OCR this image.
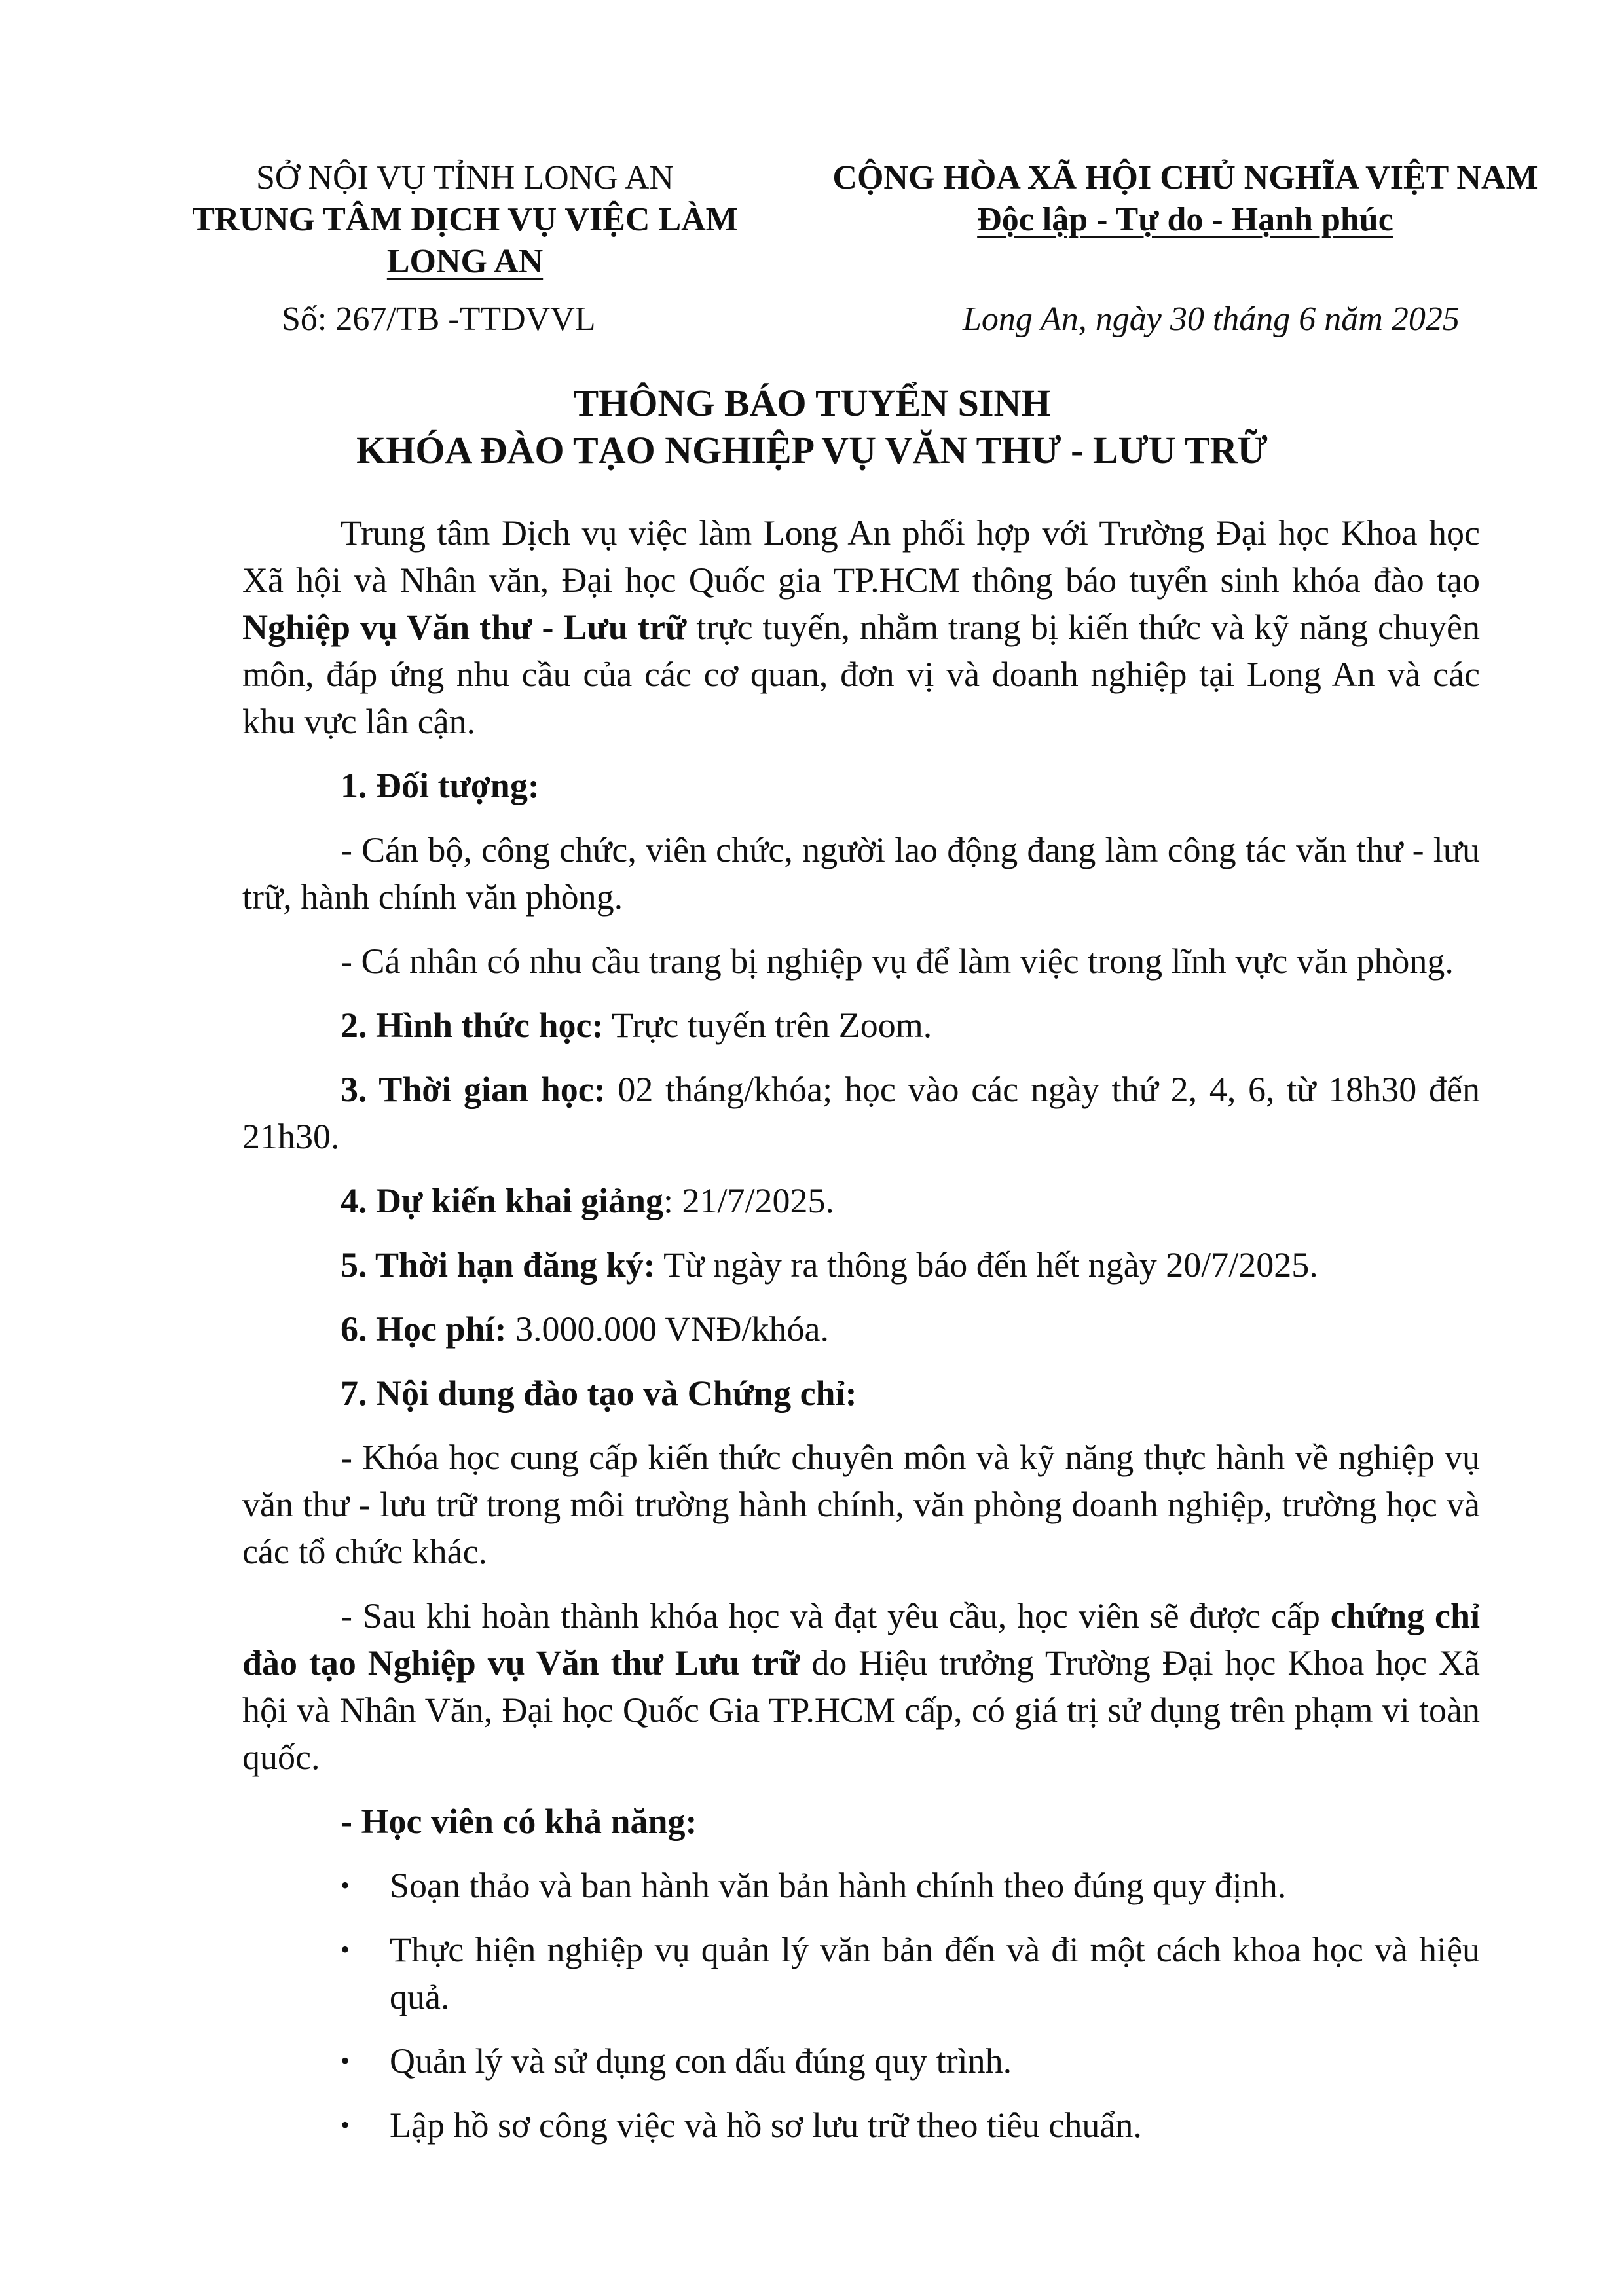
SỞ NỘI VỤ TỈNH LONG AN
TRUNG TÂM DỊCH VỤ VIỆC LÀM
LONG AN
CỘNG HÒA XÃ HỘI CHỦ NGHĨA VIỆT NAM
Độc lập - Tự do - Hạnh phúc
Số: 267/TB -TTDVVL	Long An, ngày 30 tháng 6 năm 2025
THÔNG BÁO TUYỂN SINH
KHÓA ĐÀO TẠO NGHIỆP VỤ VĂN THƯ - LƯU TRỮ

Trung tâm Dịch vụ việc làm Long An phối hợp với Trường Đại học Khoa học Xã hội và Nhân văn, Đại học Quốc gia TP.HCM thông báo tuyển sinh khóa đào tạo Nghiệp vụ Văn thư - Lưu trữ trực tuyến, nhằm trang bị kiến thức và kỹ năng chuyên môn, đáp ứng nhu cầu của các cơ quan, đơn vị và doanh nghiệp tại Long An và các khu vực lân cận.

1. Đối tượng:

- Cán bộ, công chức, viên chức, người lao động đang làm công tác văn thư - lưu trữ, hành chính văn phòng.

- Cá nhân có nhu cầu trang bị nghiệp vụ để làm việc trong lĩnh vực văn phòng.

2. Hình thức học: Trực tuyến trên Zoom.

3. Thời gian học: 02 tháng/khóa; học vào các ngày thứ 2, 4, 6, từ 18h30 đến 21h30.

4. Dự kiến khai giảng: 21/7/2025.

5. Thời hạn đăng ký: Từ ngày ra thông báo đến hết ngày 20/7/2025.

6. Học phí: 3.000.000 VNĐ/khóa.

7. Nội dung đào tạo và Chứng chỉ:

- Khóa học cung cấp kiến thức chuyên môn và kỹ năng thực hành về nghiệp vụ văn thư - lưu trữ trong môi trường hành chính, văn phòng doanh nghiệp, trường học và các tổ chức khác.

- Sau khi hoàn thành khóa học và đạt yêu cầu, học viên sẽ được cấp chứng chỉ đào tạo Nghiệp vụ Văn thư Lưu trữ do Hiệu trưởng Trường Đại học Khoa học Xã hội và Nhân Văn, Đại học Quốc Gia TP.HCM cấp, có giá trị sử dụng trên phạm vi toàn quốc.

- Học viên có khả năng:

• Soạn thảo và ban hành văn bản hành chính theo đúng quy định.
• Thực hiện nghiệp vụ quản lý văn bản đến và đi một cách khoa học và hiệu quả.
• Quản lý và sử dụng con dấu đúng quy trình.
• Lập hồ sơ công việc và hồ sơ lưu trữ theo tiêu chuẩn.
